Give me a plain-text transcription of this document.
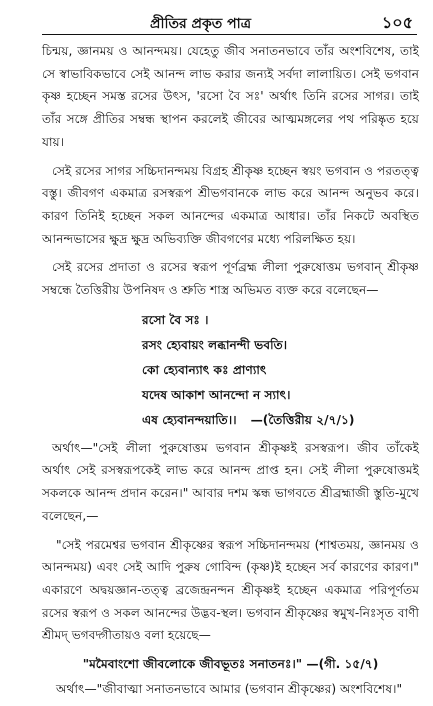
প্রীতির প্রকৃত পাত্র	১০৫

চিন্ময়, জ্ঞানময় ও আনন্দময়। যেহেতু জীব সনাতনভাবে তাঁর অংশবিশেষ, তাই সে স্বাভাবিকভাবে সেই আনন্দ লাভ করার জন্যই সর্বদা লালায়িত। সেই ভগবান কৃষ্ণ হচ্ছেন সমস্ত রসের উৎস, 'রসো বৈ সঃ' অর্থাৎ তিনি রসের সাগর। তাই তাঁর সঙ্গে প্রীতির সম্বন্ধ স্থাপন করলেই জীবের আত্মমঙ্গলের পথ পরিষ্কৃত হয়ে যায়।

সেই রসের সাগর সচ্চিদানন্দময় বিগ্রহ শ্রীকৃষ্ণ হচ্ছেন স্বয়ং ভগবান ও পরতত্ত্ব বস্তু। জীবগণ একমাত্র রসস্বরূপ শ্রীভগবানকে লাভ করে আনন্দ অনুভব করে। কারণ তিনিই হচ্ছেন সকল আনন্দের একমাত্র আধার। তাঁর নিকটে অবস্থিত আনন্দভাসের ক্ষুদ্র ক্ষুদ্র অভিব্যক্তি জীবগণের মধ্যে পরিলক্ষিত হয়।

সেই রসের প্রদাতা ও রসের স্বরূপ পূর্ণব্রহ্ম লীলা পুরুষোত্তম ভগবান্ শ্রীকৃষ্ণ সম্বন্ধে তৈত্তিরীয় উপনিষদ ও শ্রুতি শাস্ত্র অভিমত ব্যক্ত করে বলেছেন—

রসো বৈ সঃ ।
রসং হ্যেবায়ং লব্ধানন্দী ভবতি।
কো হ্যেবান্যাৎ কঃ প্রাণ্যাৎ
যদেষ আকাশ আনন্দো ন স্যাৎ।
এষ হ্যেবানন্দয়াতি।। —(তৈত্তিরীয় ২/৭/১)

অর্থাৎ—"সেই লীলা পুরুষোত্তম ভগবান শ্রীকৃষ্ণই রসস্বরূপ। জীব তাঁকেই অর্থাৎ সেই রসস্বরূপকেই লাভ করে আনন্দ প্রাপ্ত হন। সেই লীলা পুরুষোত্তমই সকলকে আনন্দ প্রদান করেন।" আবার দশম স্কন্ধ ভাগবতে শ্রীব্রহ্মাজী স্তুতি-মুখে বলেছেন,—

"সেই পরমেশ্বর ভগবান শ্রীকৃষ্ণের স্বরূপ সচ্চিদানন্দময় (শাশ্বতময়, জ্ঞানময় ও আনন্দময়) এবং সেই আদি পুরুষ গোবিন্দ (কৃষ্ণ)ই হচ্ছেন সর্ব কারণের কারণ।" একারণে অদ্বয়জ্ঞান-তত্ত্ব ব্রজেন্দ্রনন্দন শ্রীকৃষ্ণই হচ্ছেন একমাত্র পরিপূর্ণতম রসের স্বরূপ ও সকল আনন্দের উদ্ভব-স্থল। ভগবান শ্রীকৃষ্ণের স্বমুখ-নিঃসৃত বাণী শ্রীমদ্ ভগবদ্গীতায়ও বলা হয়েছে—

"মমৈবাংশো জীবলোকে জীবভূতঃ সনাতনঃ।" —(গী. ১৫/৭)

অর্থাৎ—"জীবাত্মা সনাতনভাবে আমার (ভগবান শ্রীকৃষ্ণের) অংশবিশেষ।"
